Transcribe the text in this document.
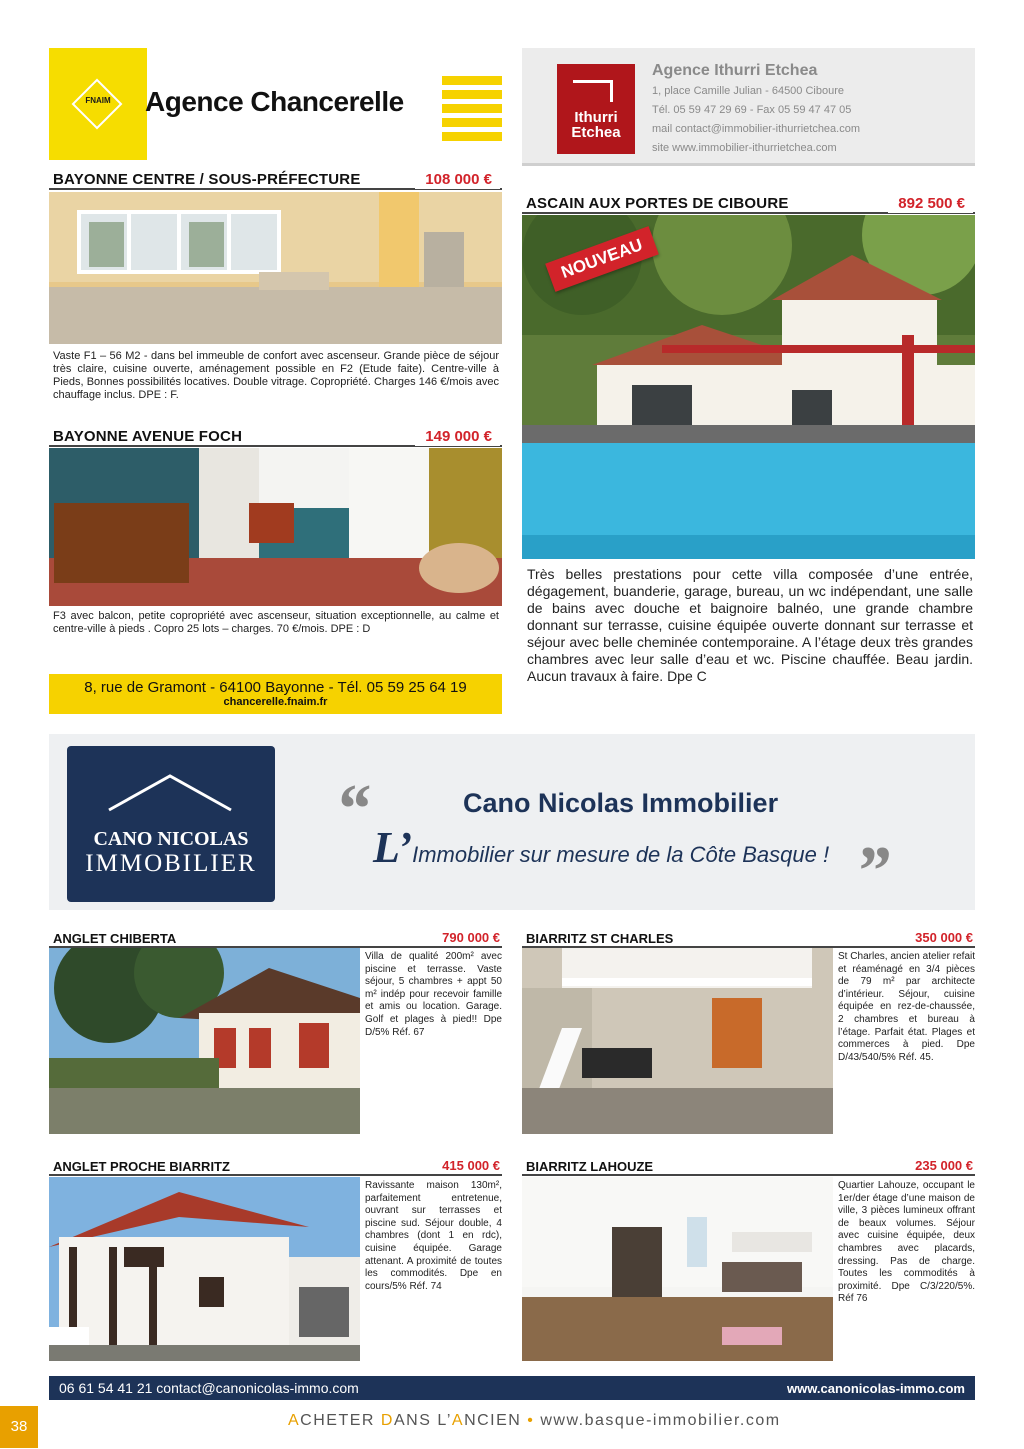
FNAIM	Agence Chancerelle
BAYONNE CENTRE / SOUS-PRÉFECTURE	108 000 €
Vaste F1 – 56 M2 - dans bel immeuble de confort avec ascenseur. Grande pièce de séjour très claire, cuisine ouverte, aménagement possible en F2 (Etude faite). Centre-ville à Pieds, Bonnes possibilités locatives. Double vitrage. Copropriété. Charges 146 €/mois avec chauffage inclus. DPE : F.
BAYONNE AVENUE FOCH	149 000 €
F3 avec balcon, petite copropriété avec ascenseur, situation exceptionnelle, au calme et centre-ville à pieds . Copro 25 lots – charges. 70 €/mois. DPE : D
8, rue de Gramont - 64100 Bayonne - Tél. 05 59 25 64 19
chancerelle.fnaim.fr
Ithurri
Etchea
Agence Ithurri Etchea
1, place Camille Julian - 64500 Ciboure
Tél. 05 59 47 29 69 - Fax 05 59 47 47 05
mail contact@immobilier-ithurrietchea.com
site www.immobilier-ithurrietchea.com
ASCAIN AUX PORTES DE CIBOURE	892 500 €
NOUVEAU
Très belles prestations pour cette villa composée d’une entrée, dégagement, buanderie, garage, bureau, un wc indépendant, une salle de bains avec douche et baignoire balnéo, une grande chambre donnant sur terrasse, cuisine équipée ouverte donnant sur terrasse et séjour avec belle cheminée contemporaine. A l’étage deux très grandes chambres avec leur salle d’eau et wc. Piscine chauffée. Beau jardin. Aucun travaux à faire. Dpe C
CANO NICOLAS
IMMOBILIER
“	Cano Nicolas Immobilier
L’Immobilier sur mesure de la Côte Basque ! ”
ANGLET CHIBERTA	790 000 €
Villa de qualité 200m² avec piscine et terrasse. Vaste séjour, 5 chambres + appt 50 m² indép pour recevoir famille et amis ou location. Garage. Golf et plages à pied!! Dpe D/5% Réf. 67
BIARRITZ ST CHARLES	350 000 €
St Charles, ancien atelier refait et réaménagé en 3/4 pièces de 79 m² par architecte d’intérieur. Séjour, cuisine équipée en rez-de-chaussée, 2 chambres et bureau à l’étage. Parfait état. Plages et commerces à pied. Dpe D/43/540/5% Réf. 45.
ANGLET PROCHE BIARRITZ	415 000 €
Ravissante maison 130m², parfaitement entretenue, ouvrant sur terrasses et piscine sud. Séjour double, 4 chambres (dont 1 en rdc), cuisine équipée. Garage attenant. A proximité de toutes les commodités. Dpe en cours/5% Réf. 74
BIARRITZ LAHOUZE	235 000 €
Quartier Lahouze, occupant le 1er/der étage d’une maison de ville, 3 pièces lumineux offrant de beaux volumes. Séjour avec cuisine équipée, deux chambres avec placards, dressing. Pas de charge. Toutes les commodités à proximité. Dpe C/3/220/5%. Réf 76
06 61 54 41 21 contact@canonicolas-immo.com	www.canonicolas-immo.com
38	ACHETER DANS L’ANCIEN • www.basque-immobilier.com
